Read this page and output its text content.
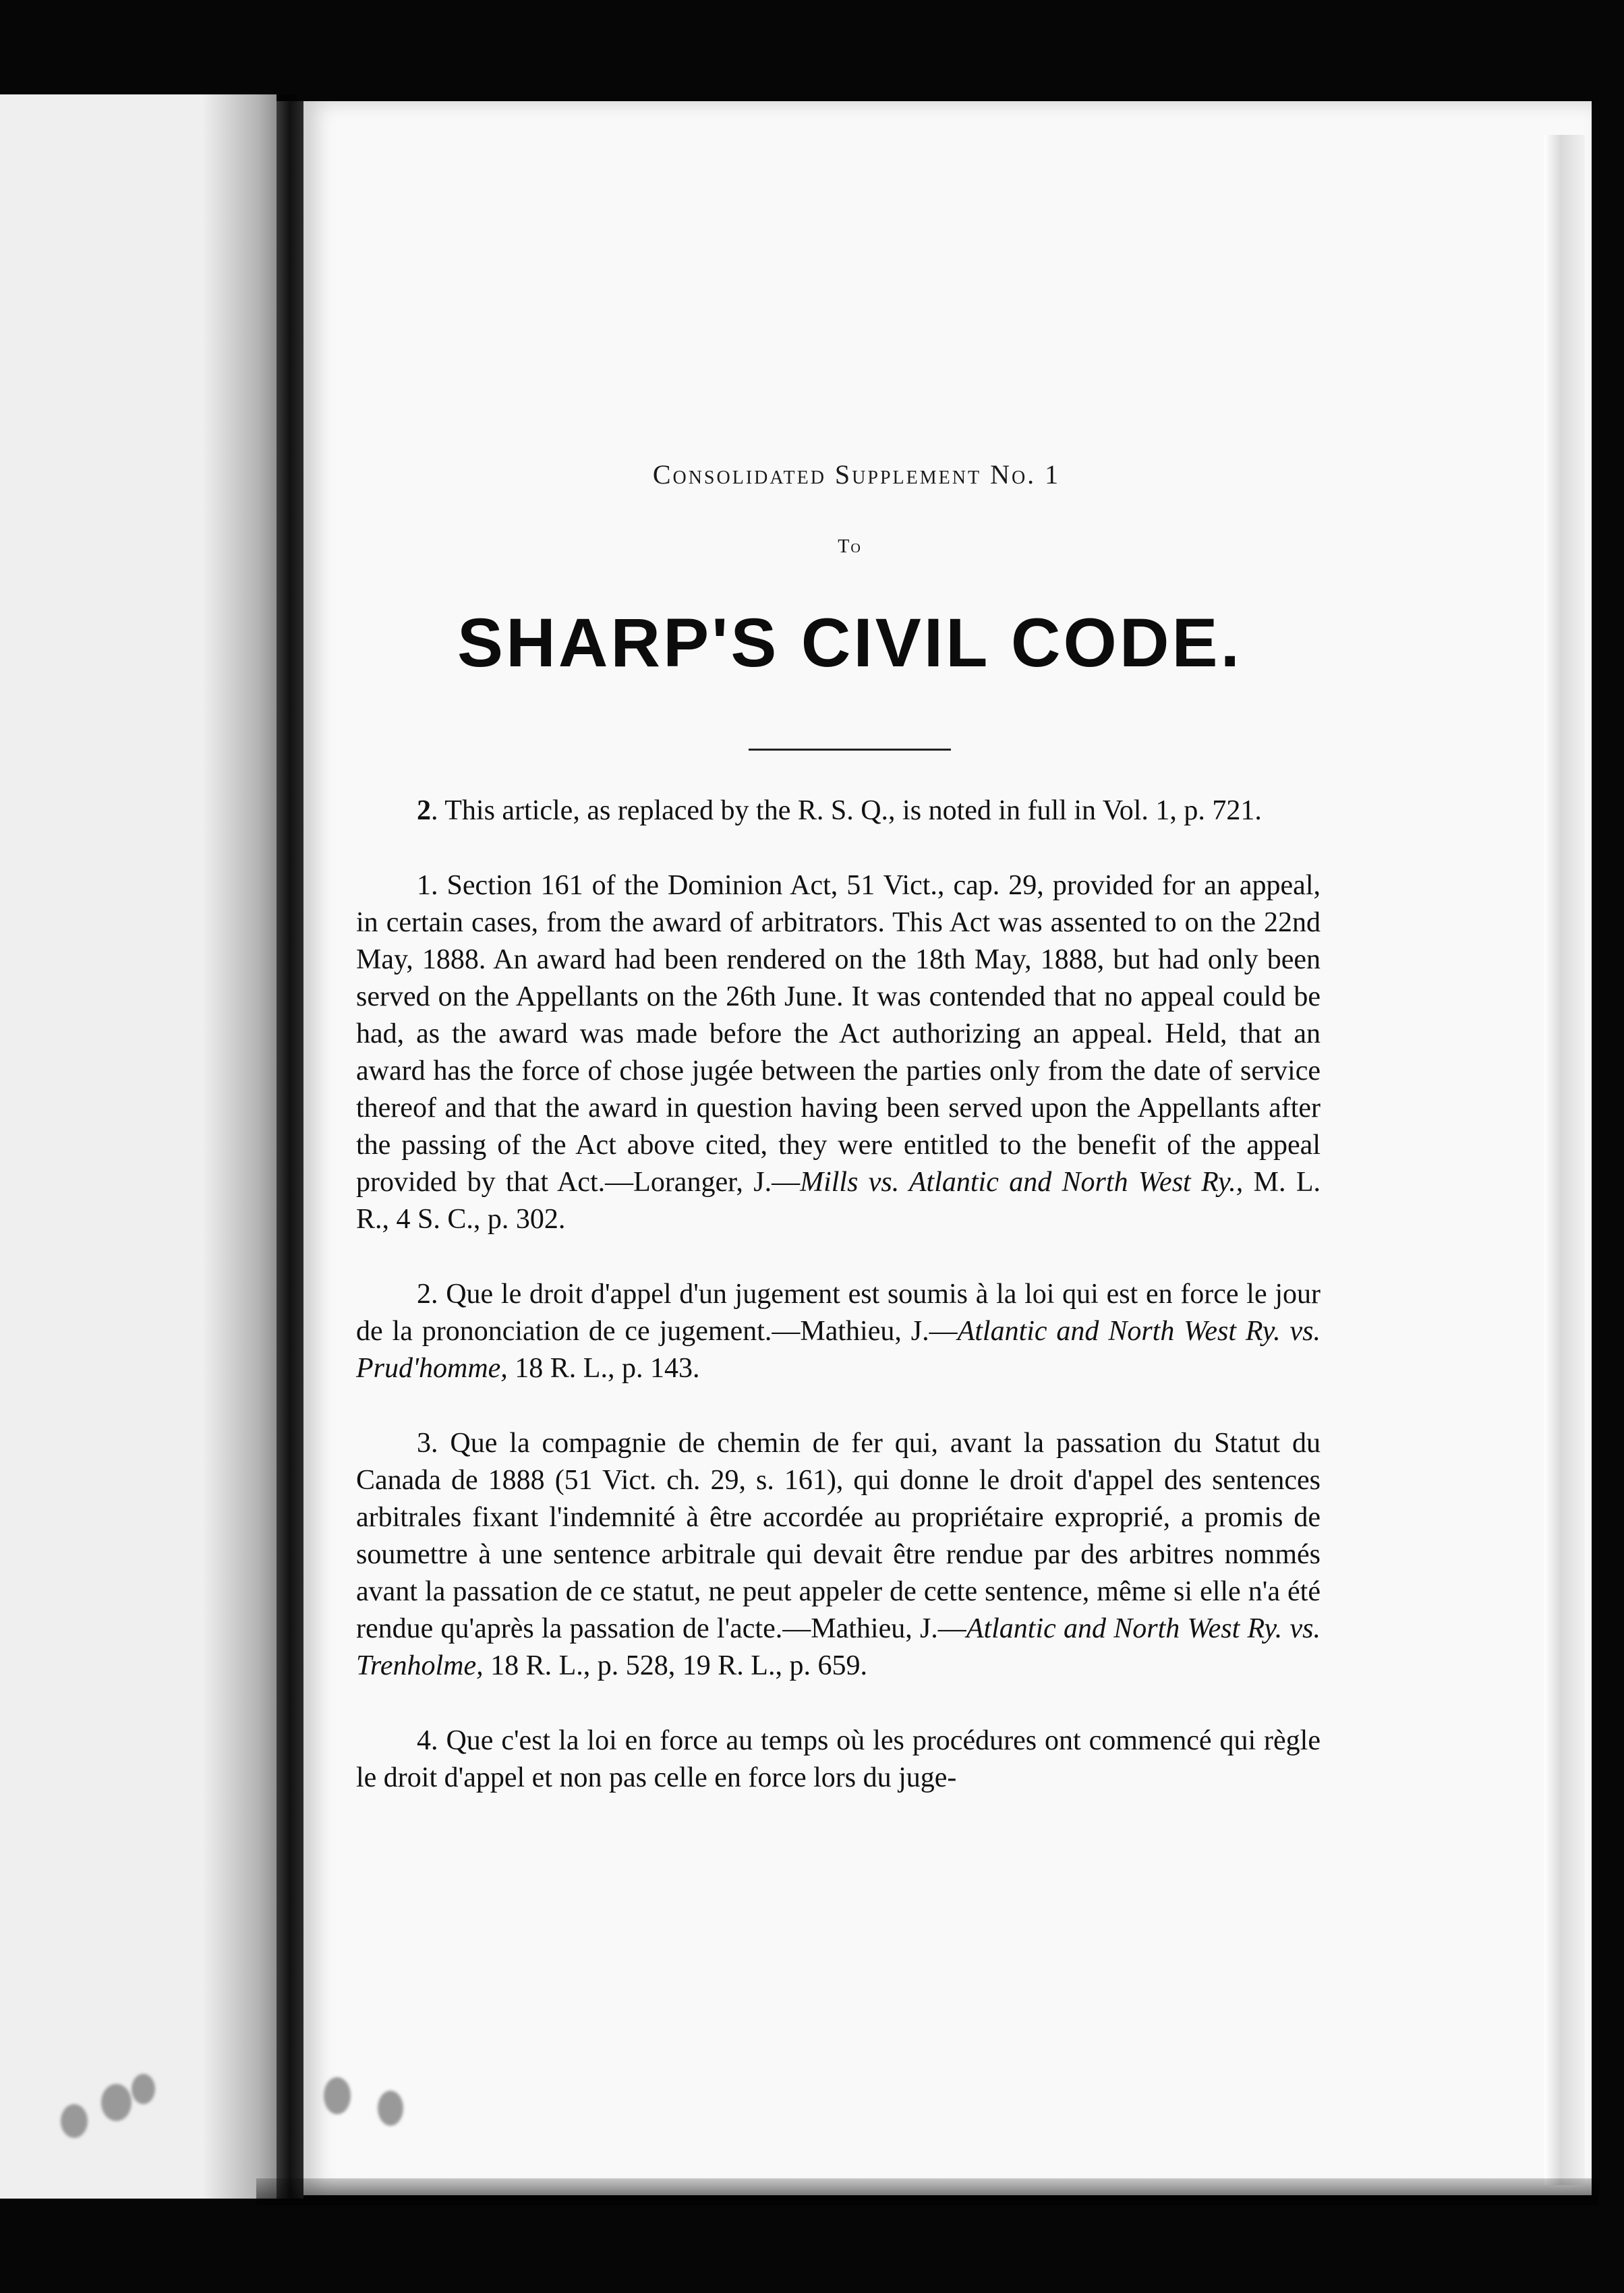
Consolidated Supplement No. 1
To
SHARP'S CIVIL CODE.

2. This article, as replaced by the R. S. Q., is noted in full in Vol. 1, p. 721.

1. Section 161 of the Dominion Act, 51 Vict., cap. 29, provided for an appeal, in certain cases, from the award of arbitrators. This Act was assented to on the 22nd May, 1888. An award had been rendered on the 18th May, 1888, but had only been served on the Appellants on the 26th June. It was contended that no appeal could be had, as the award was made before the Act authorizing an appeal. Held, that an award has the force of chose jugée between the parties only from the date of service thereof and that the award in question having been served upon the Appellants after the passing of the Act above cited, they were entitled to the benefit of the appeal provided by that Act.—Loranger, J.—Mills vs. Atlantic and North West Ry., M. L. R., 4 S. C., p. 302.

2. Que le droit d'appel d'un jugement est soumis à la loi qui est en force le jour de la prononciation de ce jugement.—Mathieu, J.—Atlantic and North West Ry. vs. Prud'homme, 18 R. L., p. 143.

3. Que la compagnie de chemin de fer qui, avant la passation du Statut du Canada de 1888 (51 Vict. ch. 29, s. 161), qui donne le droit d'appel des sentences arbitrales fixant l'indemnité à être accordée au propriétaire exproprié, a promis de soumettre à une sentence arbitrale qui devait être rendue par des arbitres nommés avant la passation de ce statut, ne peut appeler de cette sentence, même si elle n'a été rendue qu'après la passation de l'acte.—Mathieu, J.—Atlantic and North West Ry. vs. Trenholme, 18 R. L., p. 528, 19 R. L., p. 659.

4. Que c'est la loi en force au temps où les procédures ont commencé qui règle le droit d'appel et non pas celle en force lors du juge-
